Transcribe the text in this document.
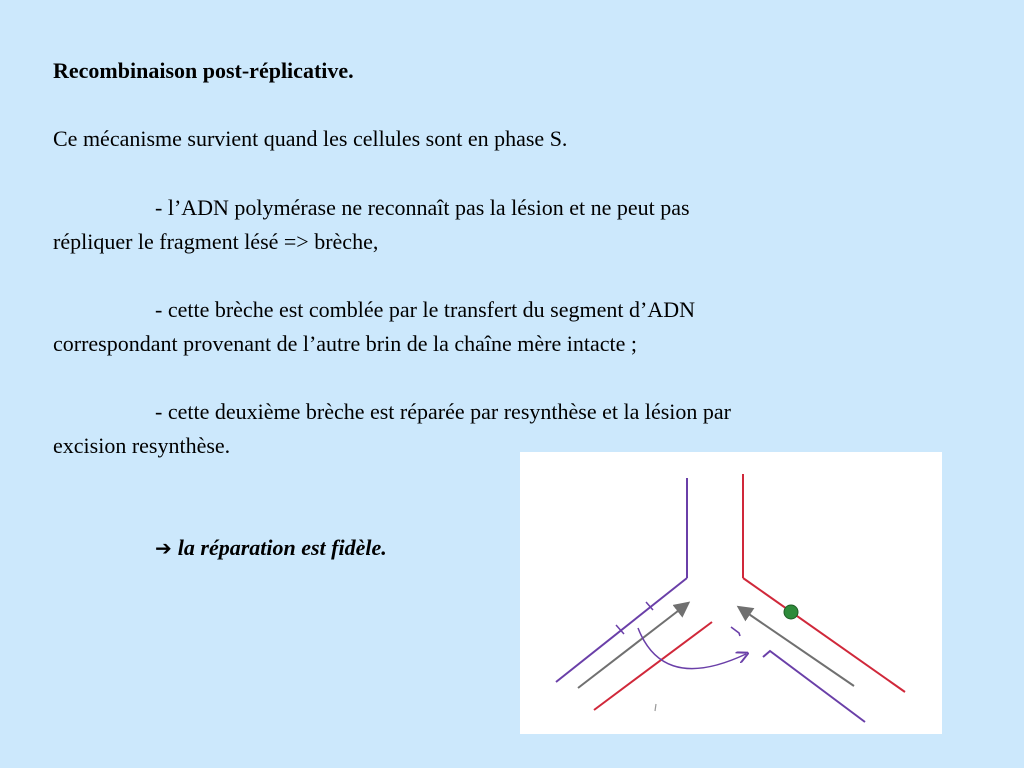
Recombinaison post-réplicative.
Ce mécanisme survient quand les cellules sont en phase S.
- l’ADN polymérase ne reconnaît pas la lésion et ne peut pas
répliquer le fragment lésé => brèche,
- cette brèche est comblée par le transfert du segment d’ADN
correspondant provenant de l’autre brin de la chaîne mère intacte ;
- cette deuxième brèche est réparée par resynthèse et la lésion par
excision resynthèse.
➔ la réparation est fidèle.
